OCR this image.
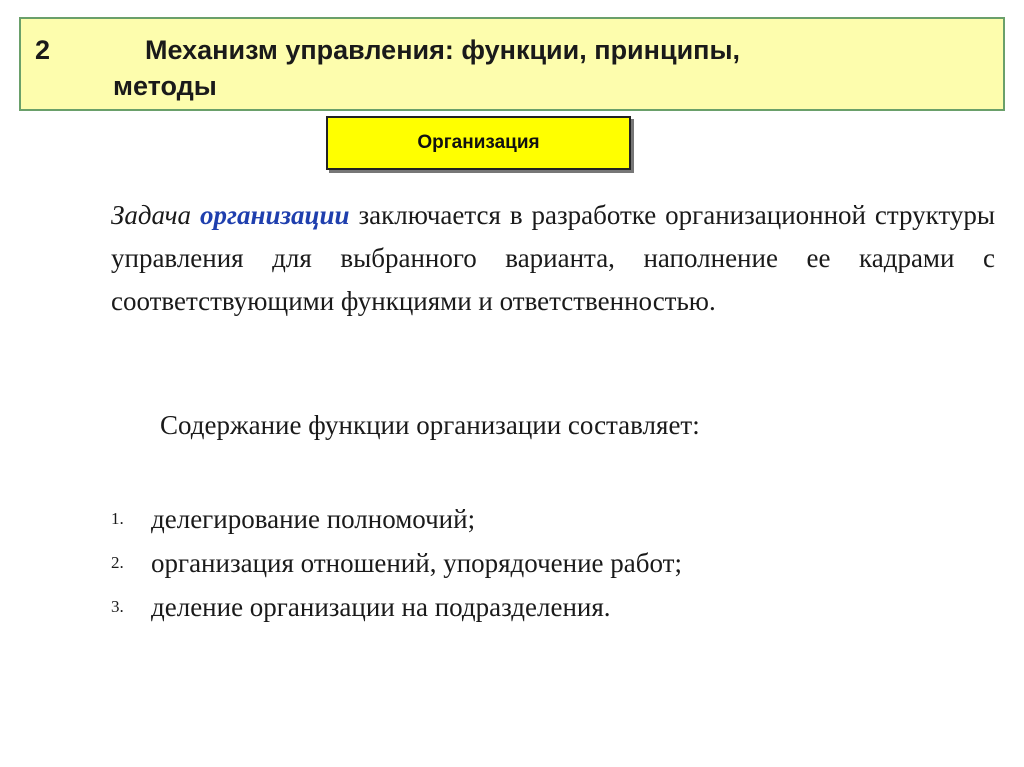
2	Механизм управления: функции, принципы,
методы
Организация
Задача организации заключается в разработке организационной структуры управления для выбранного варианта, наполнение ее кадрами с соответствующими функциями и ответственностью.
Содержание функции организации составляет:
1. делегирование полномочий;
2. организация отношений, упорядочение работ;
3. деление организации на подразделения.
